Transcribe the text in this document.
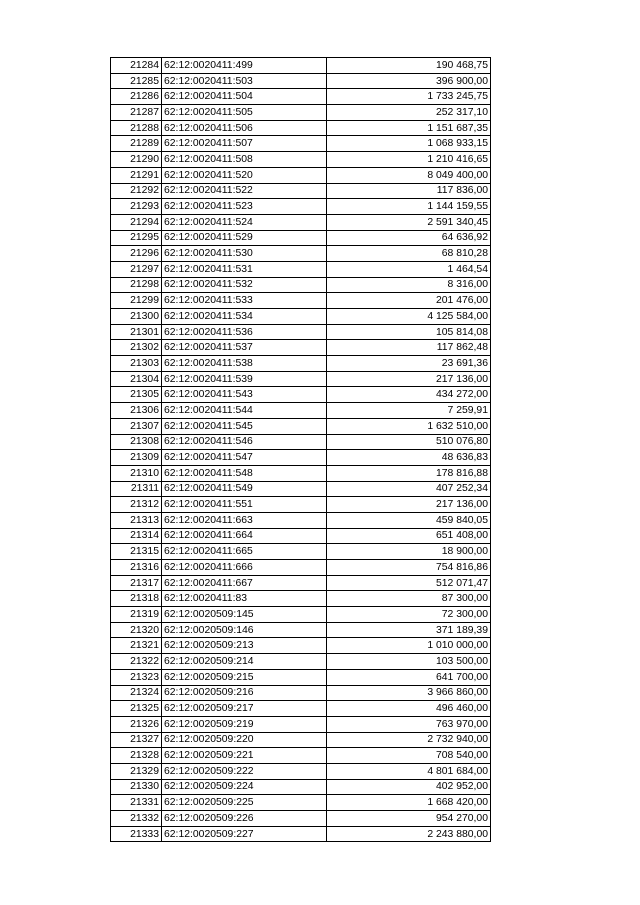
21284	62:12:0020411:499	190 468,75
21285	62:12:0020411:503	396 900,00
21286	62:12:0020411:504	1 733 245,75
21287	62:12:0020411:505	252 317,10
21288	62:12:0020411:506	1 151 687,35
21289	62:12:0020411:507	1 068 933,15
21290	62:12:0020411:508	1 210 416,65
21291	62:12:0020411:520	8 049 400,00
21292	62:12:0020411:522	117 836,00
21293	62:12:0020411:523	1 144 159,55
21294	62:12:0020411:524	2 591 340,45
21295	62:12:0020411:529	64 636,92
21296	62:12:0020411:530	68 810,28
21297	62:12:0020411:531	1 464,54
21298	62:12:0020411:532	8 316,00
21299	62:12:0020411:533	201 476,00
21300	62:12:0020411:534	4 125 584,00
21301	62:12:0020411:536	105 814,08
21302	62:12:0020411:537	117 862,48
21303	62:12:0020411:538	23 691,36
21304	62:12:0020411:539	217 136,00
21305	62:12:0020411:543	434 272,00
21306	62:12:0020411:544	7 259,91
21307	62:12:0020411:545	1 632 510,00
21308	62:12:0020411:546	510 076,80
21309	62:12:0020411:547	48 636,83
21310	62:12:0020411:548	178 816,88
21311	62:12:0020411:549	407 252,34
21312	62:12:0020411:551	217 136,00
21313	62:12:0020411:663	459 840,05
21314	62:12:0020411:664	651 408,00
21315	62:12:0020411:665	18 900,00
21316	62:12:0020411:666	754 816,86
21317	62:12:0020411:667	512 071,47
21318	62:12:0020411:83	87 300,00
21319	62:12:0020509:145	72 300,00
21320	62:12:0020509:146	371 189,39
21321	62:12:0020509:213	1 010 000,00
21322	62:12:0020509:214	103 500,00
21323	62:12:0020509:215	641 700,00
21324	62:12:0020509:216	3 966 860,00
21325	62:12:0020509:217	496 460,00
21326	62:12:0020509:219	763 970,00
21327	62:12:0020509:220	2 732 940,00
21328	62:12:0020509:221	708 540,00
21329	62:12:0020509:222	4 801 684,00
21330	62:12:0020509:224	402 952,00
21331	62:12:0020509:225	1 668 420,00
21332	62:12:0020509:226	954 270,00
21333	62:12:0020509:227	2 243 880,00
